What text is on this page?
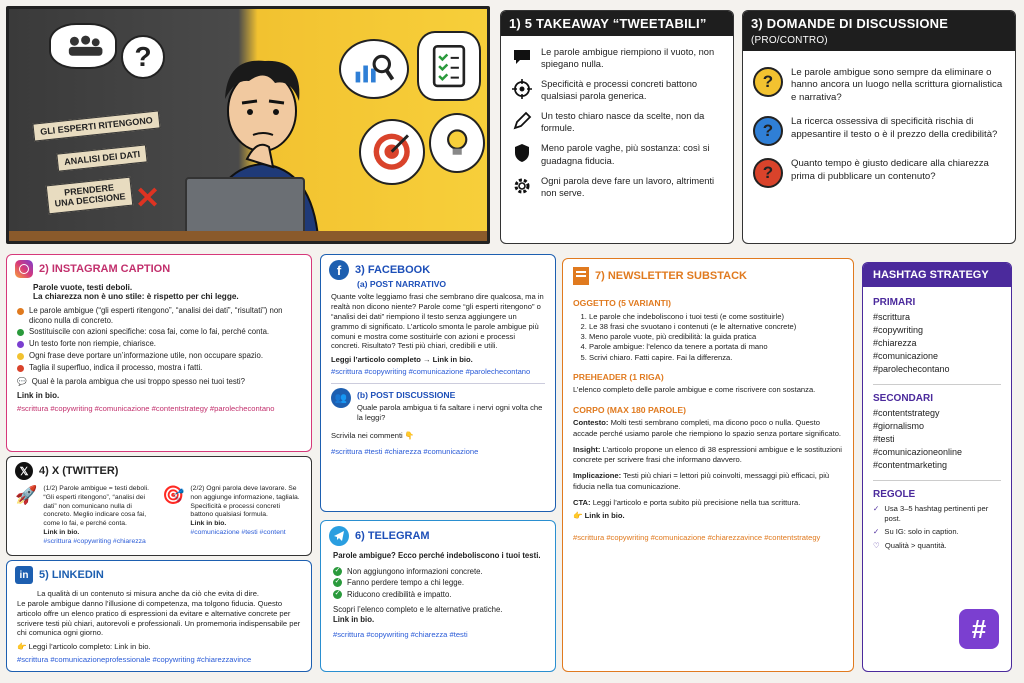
?
GLI ESPERTI RITENGONO
ANALISI DEI DATI
PRENDERE
UNA DECISIONE ✕
1) 5 TAKEAWAY “TWEETABILI”
Le parole ambigue riempiono il vuoto, non spiegano nulla.
Specificità e processi concreti battono qualsiasi parola generica.
Un testo chiaro nasce da scelte, non da formule.
Meno parole vaghe, più sostanza: così si guadagna fiducia.
Ogni parola deve fare un lavoro, altrimenti non serve.
3) DOMANDE DI DISCUSSIONE (PRO/CONTRO)
?	Le parole ambigue sono sempre da eliminare o hanno ancora un luogo nella scrittura giornalistica e narrativa?
?	La ricerca ossessiva di specificità rischia di appesantire il testo o è il prezzo della credibilità?
?	Quanto tempo è giusto dedicare alla chiarezza prima di pubblicare un contenuto?
2) INSTAGRAM CAPTION
Parole vuote, testi deboli.
La chiarezza non è uno stile: è rispetto per chi legge.
Le parole ambigue (“gli esperti ritengono”, “analisi dei dati”, “risultati”) non dicono nulla di concreto.
Sostituiscile con azioni specifiche: cosa fai, come lo fai, perché conta.
Un testo forte non riempie, chiarisce.
Ogni frase deve portare un’informazione utile, non occupare spazio.
Taglia il superfluo, indica il processo, mostra i fatti.
💬 Qual è la parola ambigua che usi troppo spesso nei tuoi testi?
Link in bio.
#scrittura #copywriting #comunicazione #contentstrategy #parolechecontano
𝕏 4) X (TWITTER)
🚀 (1/2) Parole ambigue = testi deboli. “Gli esperti ritengono”, “analisi dei dati” non comunicano nulla di concreto. Meglio indicare cosa fai, come lo fai, e perché conta.
Link in bio.
#scrittura #copywriting #chiarezza
🎯 (2/2) Ogni parola deve lavorare. Se non aggiunge informazione, tagliala. Specificità e processi concreti battono qualsiasi formula.
Link in bio.
#comunicazione #testi #content
in 5) LINKEDIN
La qualità di un contenuto si misura anche da ciò che evita di dire.
Le parole ambigue danno l’illusione di competenza, ma tolgono fiducia. Questo articolo offre un elenco pratico di espressioni da evitare e alternative concrete per scrivere testi più chiari, autorevoli e professionali. Un promemoria indispensabile per chi comunica ogni giorno.
👉 Leggi l’articolo completo: Link in bio.
#scrittura #comunicazioneprofessionale #copywriting #chiarezzavince
f	3) FACEBOOK
(a) POST NARRATIVO
Quante volte leggiamo frasi che sembrano dire qualcosa, ma in realtà non dicono niente? Parole come “gli esperti ritengono” o “analisi dei dati” riempiono il testo senza aggiungere un grammo di significato. L’articolo smonta le parole ambigue più comuni e mostra come sostituirle con azioni e processi concreti. Risultato? Testi più chiari, credibili e utili.
Leggi l’articolo completo → Link in bio.
#scrittura #copywriting #comunicazione #parolechecontano
👥	(b) POST DISCUSSIONE
Quale parola ambigua ti fa saltare i nervi ogni volta che la leggi?
Scrivila nei commenti 👇
#scrittura #testi #chiarezza #comunicazione
6) TELEGRAM
Parole ambigue? Ecco perché indeboliscono i tuoi testi.
✓ Non aggiungono informazioni concrete.
✓ Fanno perdere tempo a chi legge.
✓ Riducono credibilità e impatto.
Scopri l’elenco completo e le alternative pratiche.
Link in bio.
#scrittura #copywriting #chiarezza #testi
7) NEWSLETTER SUBSTACK
OGGETTO (5 VARIANTI)
1. Le parole che indeboliscono i tuoi testi (e come sostituirle)
2. Le 38 frasi che svuotano i contenuti (e le alternative concrete)
3. Meno parole vuote, più credibilità: la guida pratica
4. Parole ambigue: l’elenco da tenere a portata di mano
5. Scrivi chiaro. Fatti capire. Fai la differenza.
PREHEADER (1 RIGA)
L’elenco completo delle parole ambigue e come riscrivere con sostanza.
CORPO (MAX 180 PAROLE)
Contesto: Molti testi sembrano completi, ma dicono poco o nulla. Questo accade perché usiamo parole che riempiono lo spazio senza portare significato.
Insight: L’articolo propone un elenco di 38 espressioni ambigue e le sostituzioni concrete per scrivere frasi che informano davvero.
Implicazione: Testi più chiari = lettori più coinvolti, messaggi più efficaci, più fiducia nella tua comunicazione.
CTA: Leggi l’articolo e porta subito più precisione nella tua scrittura.
👉 Link in bio.
#scrittura #copywriting #comunicazione #chiarezzavince #contentstrategy
HASHTAG STRATEGY
PRIMARI
#scrittura
#copywriting
#chiarezza
#comunicazione
#parolechecontano
SECONDARI
#contentstrategy
#giornalismo
#testi
#comunicazioneonline
#contentmarketing
REGOLE
✓ Usa 3–5 hashtag pertinenti per post.
✓ Su IG: solo in caption.
♡ Qualità > quantità.
#
